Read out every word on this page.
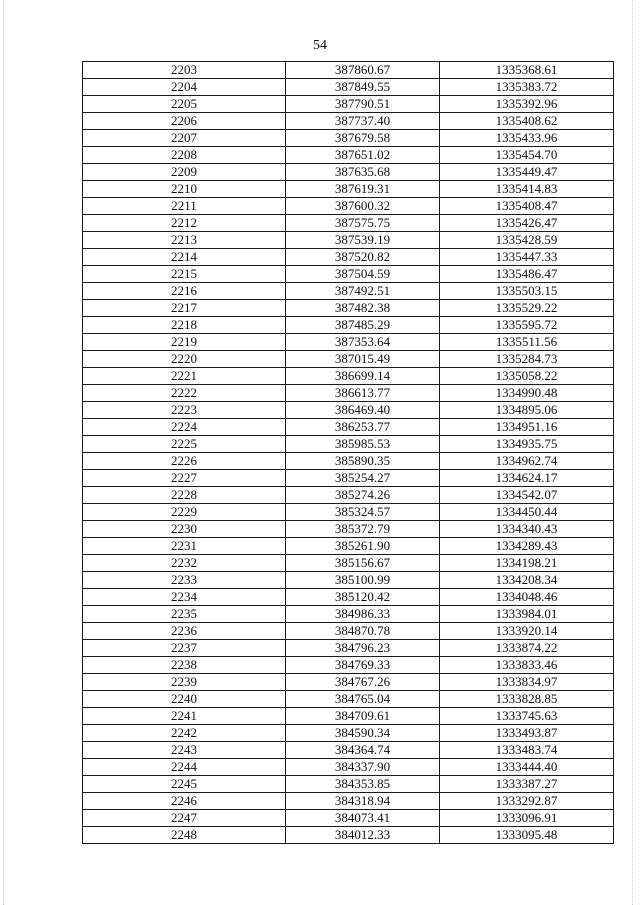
54
2203	387860.67	1335368.61
2204	387849.55	1335383.72
2205	387790.51	1335392.96
2206	387737.40	1335408.62
2207	387679.58	1335433.96
2208	387651.02	1335454.70
2209	387635.68	1335449.47
2210	387619.31	1335414.83
2211	387600.32	1335408.47
2212	387575.75	1335426.47
2213	387539.19	1335428.59
2214	387520.82	1335447.33
2215	387504.59	1335486.47
2216	387492.51	1335503.15
2217	387482.38	1335529.22
2218	387485.29	1335595.72
2219	387353.64	1335511.56
2220	387015.49	1335284.73
2221	386699.14	1335058.22
2222	386613.77	1334990.48
2223	386469.40	1334895.06
2224	386253.77	1334951.16
2225	385985.53	1334935.75
2226	385890.35	1334962.74
2227	385254.27	1334624.17
2228	385274.26	1334542.07
2229	385324.57	1334450.44
2230	385372.79	1334340.43
2231	385261.90	1334289.43
2232	385156.67	1334198.21
2233	385100.99	1334208.34
2234	385120.42	1334048.46
2235	384986.33	1333984.01
2236	384870.78	1333920.14
2237	384796.23	1333874.22
2238	384769.33	1333833.46
2239	384767.26	1333834.97
2240	384765.04	1333828.85
2241	384709.61	1333745.63
2242	384590.34	1333493.87
2243	384364.74	1333483.74
2244	384337.90	1333444.40
2245	384353.85	1333387.27
2246	384318.94	1333292.87
2247	384073.41	1333096.91
2248	384012.33	1333095.48
